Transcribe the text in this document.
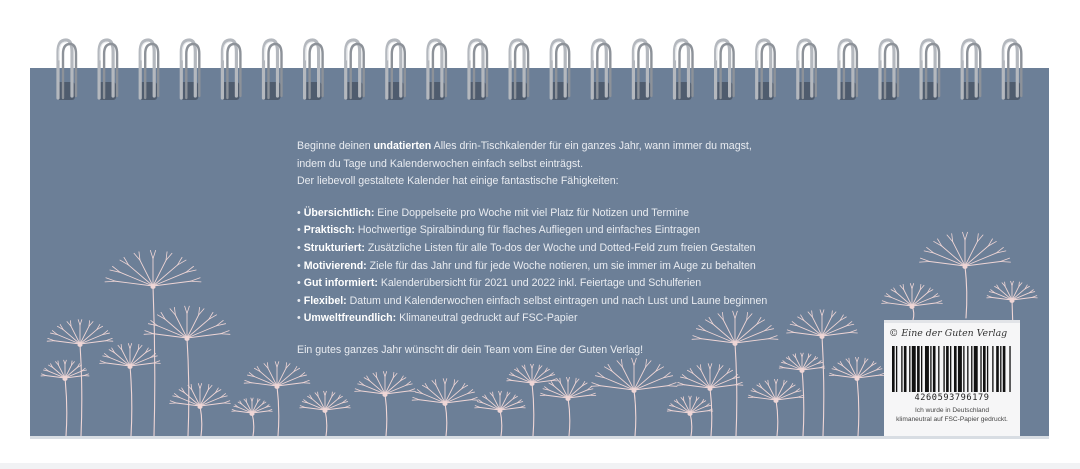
Beginne deinen undatierten Alles drin-Tischkalender für ein ganzes Jahr, wann immer du magst,
indem du Tage und Kalenderwochen einfach selbst einträgst.
Der liebevoll gestaltete Kalender hat einige fantastische Fähigkeiten:

• Übersichtlich: Eine Doppelseite pro Woche mit viel Platz für Notizen und Termine
• Praktisch: Hochwertige Spiralbindung für flaches Aufliegen und einfaches Eintragen
• Strukturiert: Zusätzliche Listen für alle To-dos der Woche und Dotted-Feld zum freien Gestalten
• Motivierend: Ziele für das Jahr und für jede Woche notieren, um sie immer im Auge zu behalten
• Gut informiert: Kalenderübersicht für 2021 und 2022 inkl. Feiertage und Schulferien
• Flexibel: Datum und Kalenderwochen einfach selbst eintragen und nach Lust und Laune beginnen
• Umweltfreundlich: Klimaneutral gedruckt auf FSC-Papier

Ein gutes ganzes Jahr wünscht dir dein Team vom Eine der Guten Verlag!

© Eine der Guten Verlag
4260593796179
Ich wurde in Deutschland
klimaneutral auf FSC-Papier gedruckt.
